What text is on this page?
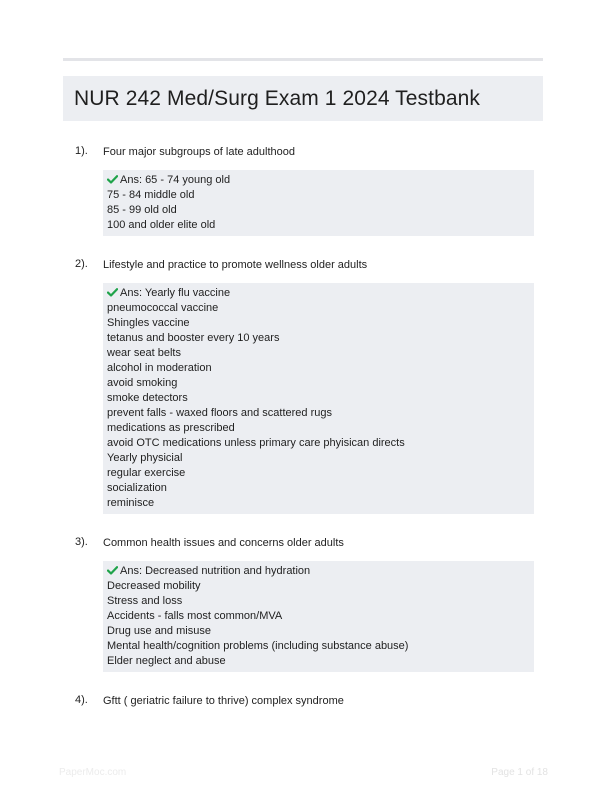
NUR 242 Med/Surg Exam 1 2024 Testbank
1). Four major subgroups of late adulthood
Ans: 65 - 74 young old
75 - 84 middle old
85 - 99 old old
100 and older elite old
2). Lifestyle and practice to promote wellness older adults
Ans: Yearly flu vaccine
pneumococcal vaccine
Shingles vaccine
tetanus and booster every 10 years
wear seat belts
alcohol in moderation
avoid smoking
smoke detectors
prevent falls - waxed floors and scattered rugs
medications as prescribed
avoid OTC medications unless primary care phyisican directs
Yearly physicial
regular exercise
socialization
reminisce
3). Common health issues and concerns older adults
Ans: Decreased nutrition and hydration
Decreased mobility
Stress and loss
Accidents - falls most common/MVA
Drug use and misuse
Mental health/cognition problems (including substance abuse)
Elder neglect and abuse
4). Gftt ( geriatric failure to thrive) complex syndrome
PaperMoc.com	Page 1 of 18
